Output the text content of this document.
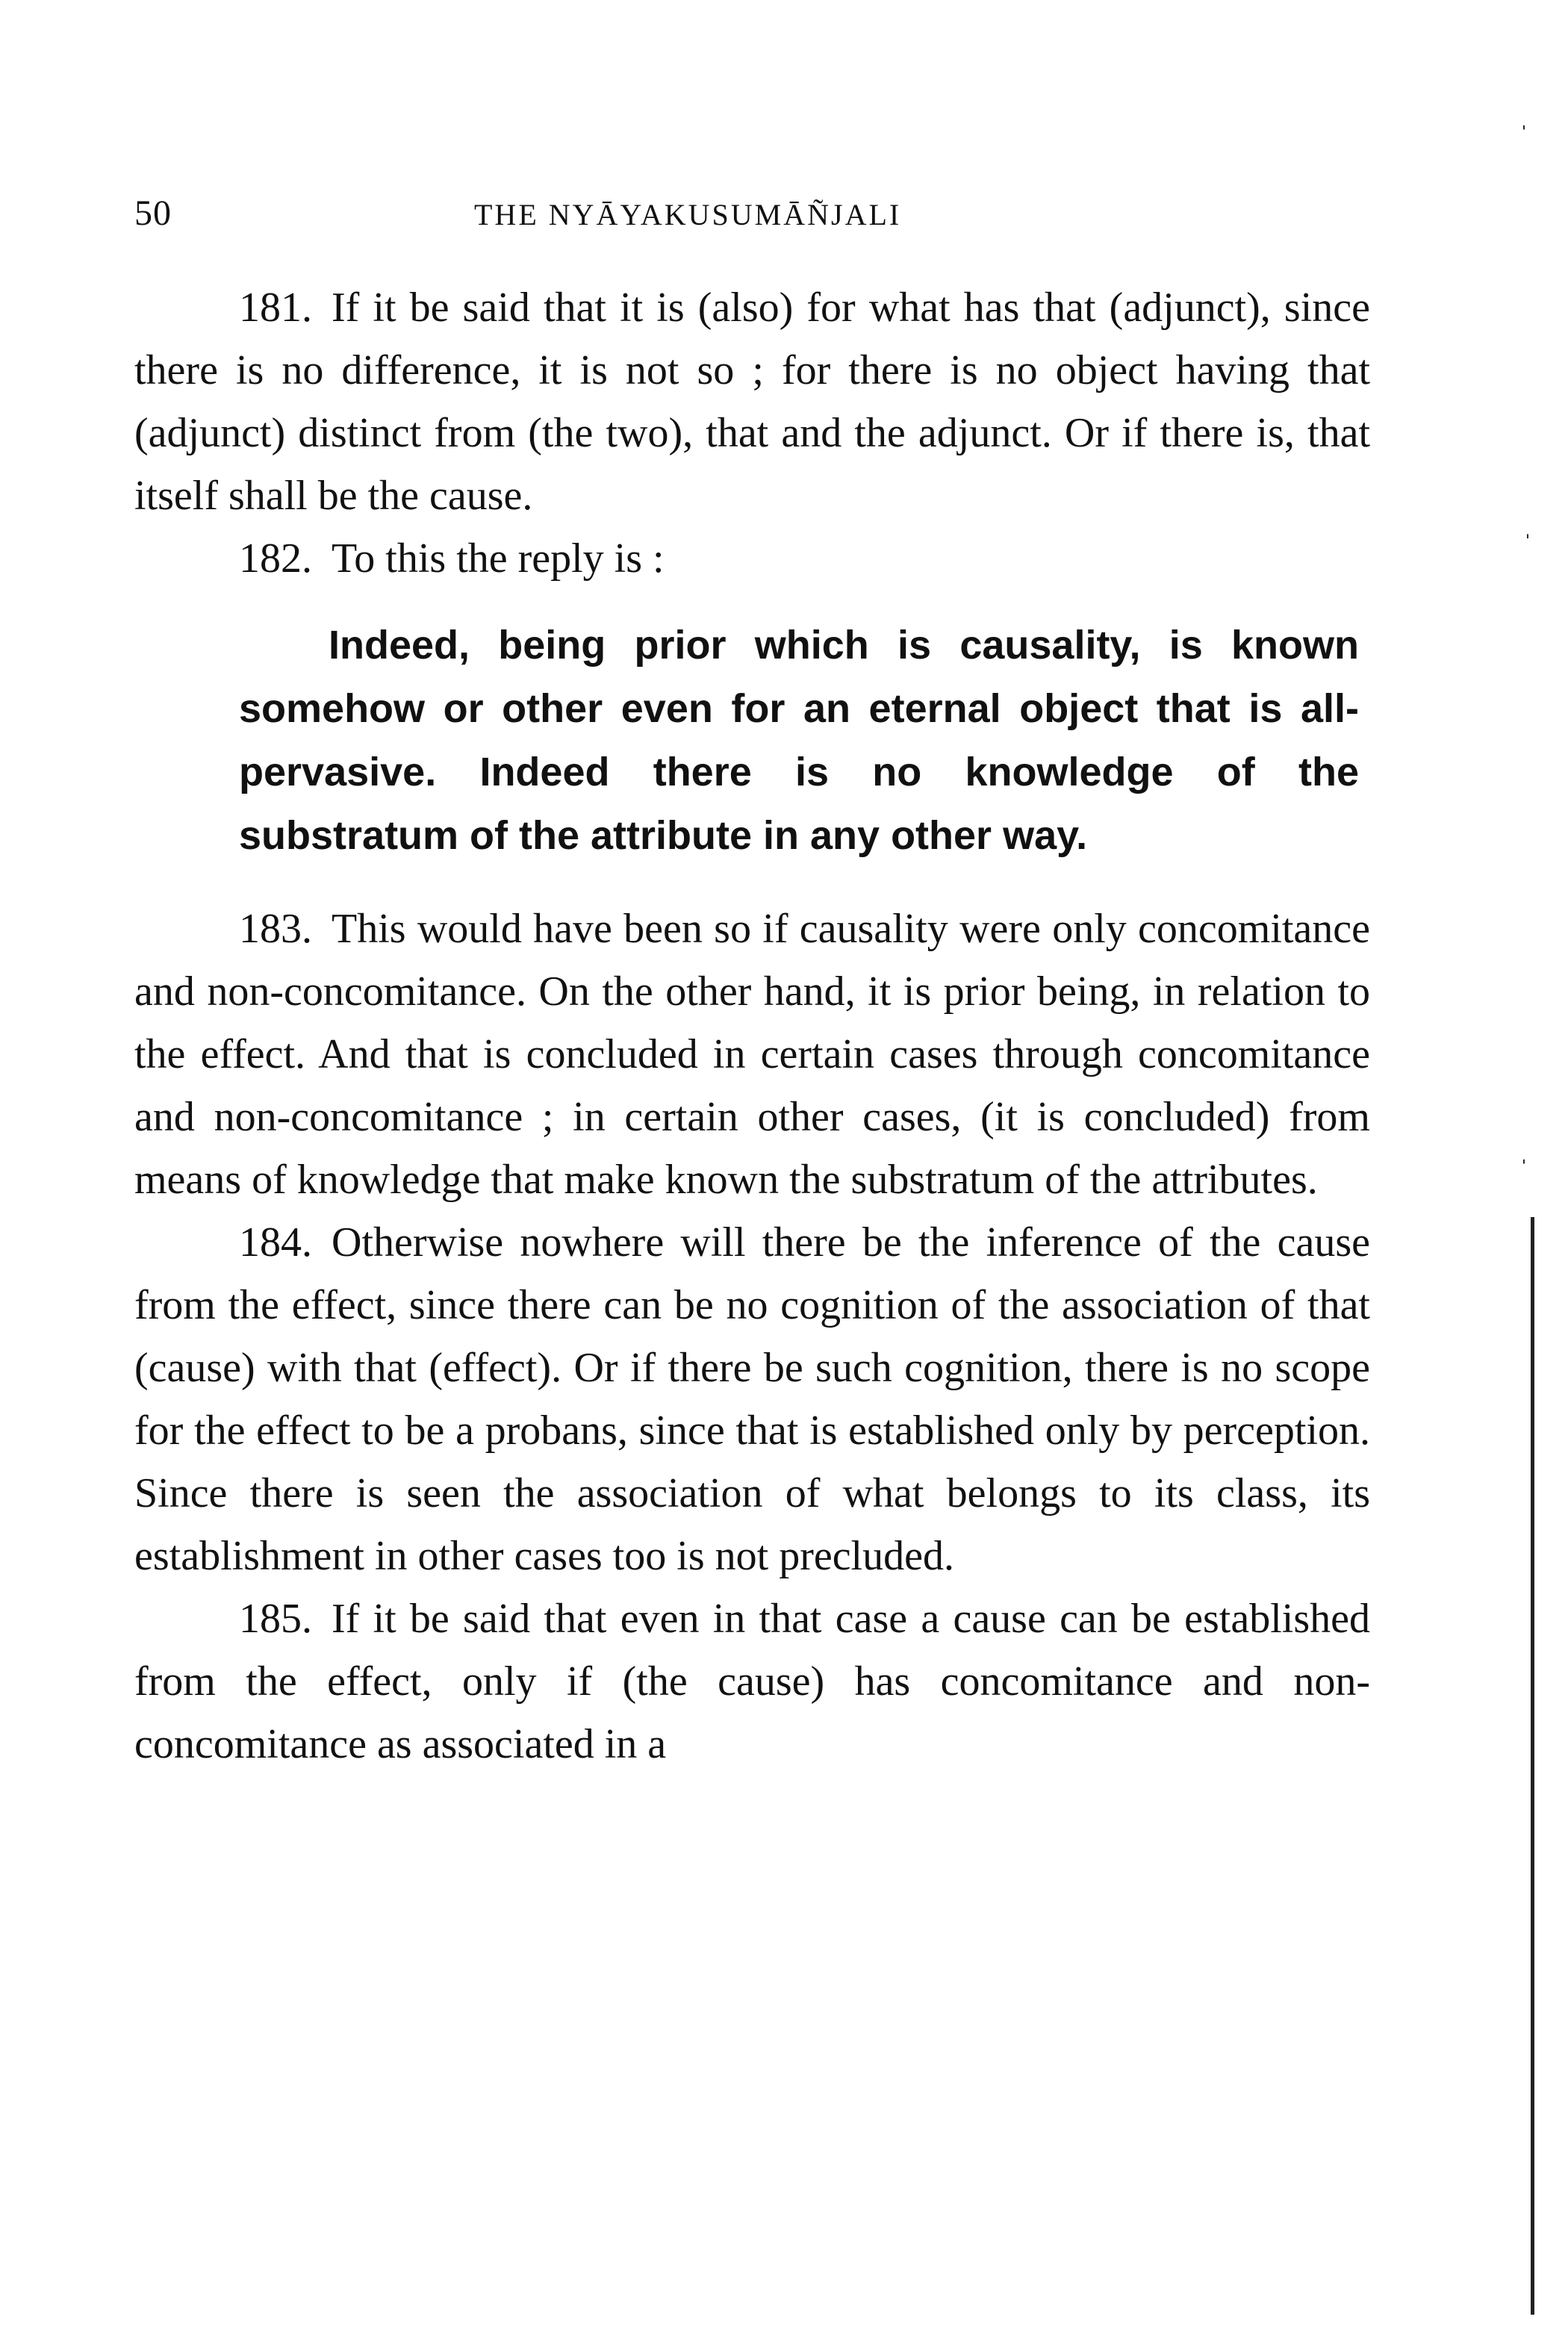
50	THE NYĀYAKUSUMĀÑJALI

181. If it be said that it is (also) for what has that (adjunct), since there is no difference, it is not so ; for there is no object having that (adjunct) distinct from (the two), that and the adjunct. Or if there is, that itself shall be the cause.

182. To this the reply is :

Indeed, being prior which is causality, is known somehow or other even for an eternal object that is all-pervasive. Indeed there is no knowledge of the substratum of the attribute in any other way.

183. This would have been so if causality were only concomitance and non-concomitance. On the other hand, it is prior being, in relation to the effect. And that is concluded in certain cases through concomitance and non-concomitance ; in certain other cases, (it is concluded) from means of knowledge that make known the substratum of the attributes.

184. Otherwise nowhere will there be the inference of the cause from the effect, since there can be no cognition of the association of that (cause) with that (effect). Or if there be such cognition, there is no scope for the effect to be a probans, since that is established only by perception. Since there is seen the association of what belongs to its class, its establishment in other cases too is not precluded.

185. If it be said that even in that case a cause can be established from the effect, only if (the cause) has concomitance and non-concomitance as associated in a

ˈ
ˌ
ˈ
ˌ
ˈ
